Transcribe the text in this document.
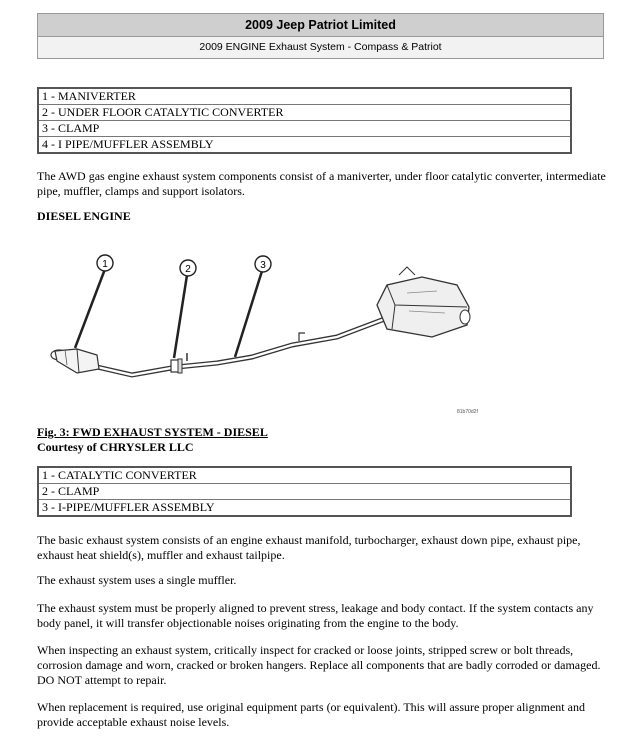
2009 Jeep Patriot Limited
2009 ENGINE Exhaust System - Compass & Patriot
1 - MANIVERTER
2 - UNDER FLOOR CATALYTIC CONVERTER
3 - CLAMP
4 - I PIPE/MUFFLER ASSEMBLY
The AWD gas engine exhaust system components consist of a maniverter, under floor catalytic converter, intermediate pipe, muffler, clamps and support isolators.
DIESEL ENGINE
1	2	3
81b70d2f
Fig. 3: FWD EXHAUST SYSTEM - DIESEL
Courtesy of CHRYSLER LLC
1 - CATALYTIC CONVERTER
2 - CLAMP
3 - I-PIPE/MUFFLER ASSEMBLY
The basic exhaust system consists of an engine exhaust manifold, turbocharger, exhaust down pipe, exhaust pipe, exhaust heat shield(s), muffler and exhaust tailpipe.
The exhaust system uses a single muffler.
The exhaust system must be properly aligned to prevent stress, leakage and body contact. If the system contacts any body panel, it will transfer objectionable noises originating from the engine to the body.
When inspecting an exhaust system, critically inspect for cracked or loose joints, stripped screw or bolt threads, corrosion damage and worn, cracked or broken hangers. Replace all components that are badly corroded or damaged. DO NOT attempt to repair.
When replacement is required, use original equipment parts (or equivalent). This will assure proper alignment and provide acceptable exhaust noise levels.
